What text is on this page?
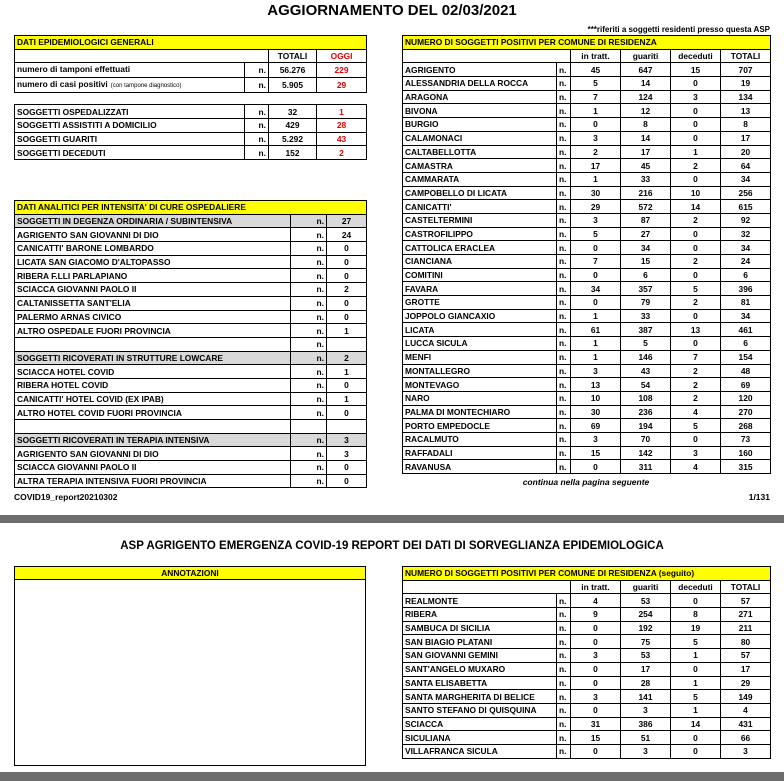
AGGIORNAMENTO DEL 02/03/2021
***riferiti a soggetti residenti presso questa ASP
DATI EPIDEMIOLOGICI GENERALI			
		TOTALI	OGGI
numero di tamponi effettuati	n.	56.276	229
numero di casi positivi (con tampone diagnostico)	n.	5.905	29

SOGGETTI OSPEDALIZZATI	n.	32	1
SOGGETTI ASSISTITI A DOMICILIO	n.	429	28
SOGGETTI GUARITI	n.	5.292	43
SOGGETTI DECEDUTI	n.	152	2
DATI ANALITICI PER INTENSITA' DI CURE OSPEDALIERE		
SOGGETTI IN DEGENZA ORDINARIA / SUBINTENSIVA	n.	27
AGRIGENTO SAN GIOVANNI DI DIO	n.	24
CANICATTI' BARONE LOMBARDO	n.	0
LICATA SAN GIACOMO D'ALTOPASSO	n.	0
RIBERA F.LLI PARLAPIANO	n.	0
SCIACCA GIOVANNI PAOLO II	n.	2
CALTANISSETTA SANT'ELIA	n.	0
PALERMO ARNAS CIVICO	n.	0
ALTRO OSPEDALE FUORI PROVINCIA	n.	1
	n.	
SOGGETTI RICOVERATI IN STRUTTURE LOWCARE	n.	2
SCIACCA HOTEL COVID	n.	1
RIBERA HOTEL COVID	n.	0
CANICATTI' HOTEL COVID (EX IPAB)	n.	1
ALTRO HOTEL COVID FUORI PROVINCIA	n.	0

SOGGETTI RICOVERATI IN TERAPIA INTENSIVA	n.	3
AGRIGENTO SAN GIOVANNI DI DIO	n.	3
SCIACCA GIOVANNI PAOLO II	n.	0
ALTRA TERAPIA INTENSIVA FUORI PROVINCIA	n.	0
COVID19_report20210302	1/131
NUMERO DI SOGGETTI POSITIVI PER COMUNE DI RESIDENZA					
		in tratt.	guariti	deceduti	TOTALI
AGRIGENTO	n.	45	647	15	707
ALESSANDRIA DELLA ROCCA	n.	5	14	0	19
ARAGONA	n.	7	124	3	134
BIVONA	n.	1	12	0	13
BURGIO	n.	0	8	0	8
CALAMONACI	n.	3	14	0	17
CALTABELLOTTA	n.	2	17	1	20
CAMASTRA	n.	17	45	2	64
CAMMARATA	n.	1	33	0	34
CAMPOBELLO DI LICATA	n.	30	216	10	256
CANICATTI'	n.	29	572	14	615
CASTELTERMINI	n.	3	87	2	92
CASTROFILIPPO	n.	5	27	0	32
CATTOLICA ERACLEA	n.	0	34	0	34
CIANCIANA	n.	7	15	2	24
COMITINI	n.	0	6	0	6
FAVARA	n.	34	357	5	396
GROTTE	n.	0	79	2	81
JOPPOLO GIANCAXIO	n.	1	33	0	34
LICATA	n.	61	387	13	461
LUCCA SICULA	n.	1	5	0	6
MENFI	n.	1	146	7	154
MONTALLEGRO	n.	3	43	2	48
MONTEVAGO	n.	13	54	2	69
NARO	n.	10	108	2	120
PALMA DI MONTECHIARO	n.	30	236	4	270
PORTO EMPEDOCLE	n.	69	194	5	268
RACALMUTO	n.	3	70	0	73
RAFFADALI	n.	15	142	3	160
RAVANUSA	n.	0	311	4	315
continua nella pagina seguente
ASP AGRIGENTO EMERGENZA COVID-19 REPORT DEI DATI DI SORVEGLIANZA EPIDEMIOLOGICA
ANNOTAZIONI	NUMERO DI SOGGETTI POSITIVI PER COMUNE DI RESIDENZA (seguito)					
		in tratt.	guariti	deceduti	TOTALI
REALMONTE	n.	4	53	0	57
RIBERA	n.	9	254	8	271
SAMBUCA DI SICILIA	n.	0	192	19	211
SAN BIAGIO PLATANI	n.	0	75	5	80
SAN GIOVANNI GEMINI	n.	3	53	1	57
SANT'ANGELO MUXARO	n.	0	17	0	17
SANTA ELISABETTA	n.	0	28	1	29
SANTA MARGHERITA DI BELICE	n.	3	141	5	149
SANTO STEFANO DI QUISQUINA	n.	0	3	1	4
SCIACCA	n.	31	386	14	431
SICULIANA	n.	15	51	0	66
VILLAFRANCA SICULA	n.	0	3	0	3
